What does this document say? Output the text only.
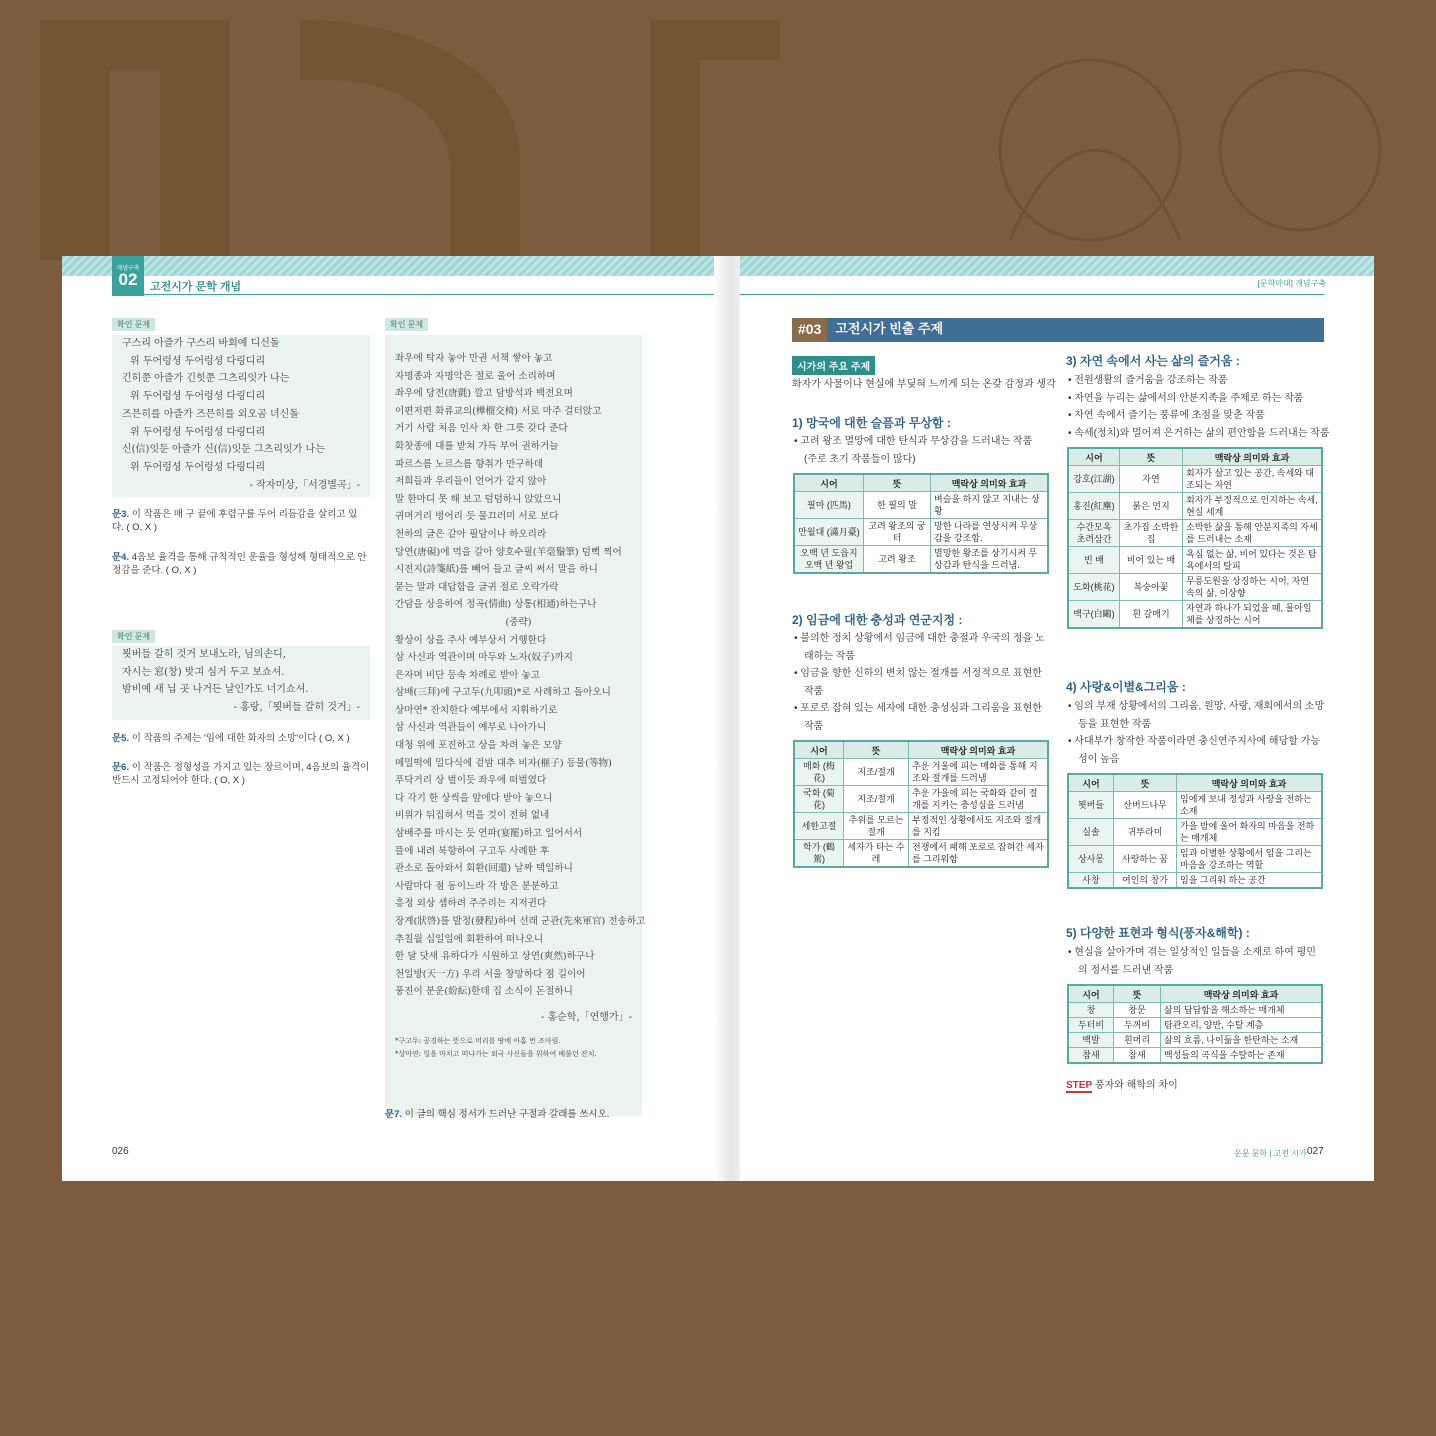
개념구축
02	고전시가 문학 개념
확인 문제
구스리 아즐가 구스리 바회예 디신돌
위 두어렁셩 두어렁셩 다링디리
긴히쭌 아즐가 긴힛쭌 그츠리잇가 나는
위 두어렁셩 두어렁셩 다링디리
즈믄히를 아즐가 즈믄히를 외오곰 녀신돌
위 두어렁셩 두어렁셩 다링디리
신(信)잇둔 아즐가 신(信)잇둔 그츠리잇가 나는
위 두어렁셩 두어렁셩 다링디리
- 작자미상,「서경별곡」-
문3. 이 작품은 매 구 끝에 후렴구를 두어 리듬감을 살리고 있다. ( O, X )
문4. 4음보 율격을 통해 규칙적인 운율을 형성해 형태적으로 안정감을 준다. ( O, X )
확인 문제
묏버들 갈히 것거 보내노라, 님의손디,
자시는 窓(창) 밧긔 심거 두고 보쇼셔.
밤비예 새 닙 곳 나거든 날인가도 너기쇼셔.
- 홍랑,「묏버들 갈히 것거」-
문5. 이 작품의 주제는 '임에 대한 화자의 소망'이다 ( O, X )
문6. 이 작품은 정형성을 가지고 있는 장르이며, 4음보의 율격이 반드시 고정되어야 한다. ( O, X )
확인 문제
좌우에 탁자 놓아 만권 서책 쌓아 놓고
자명종과 자명악은 절로 울어 소리하며
좌우에 당전(唐氈) 깔고 담방석과 백전요며
이편저편 화류교의(樺榴交椅) 서로 마주 걸터앉고
거기 사람 처음 인사 차 한 그릇 갖다 준다
화찻종에 대를 받쳐 가득 부어 권하거늘
파르스름 노르스름 향취가 만구하데
저희들과 우리들이 언어가 같지 않아
말 한마디 못 해 보고 덤덤하니 앉았으니
귀머거리 벙어리 듯 물끄러미 서로 보다
천하의 글은 같아 필담이나 하오리라
당연(唐硯)에 먹을 갈아 양호수필(羊毫鬚筆) 덤뻑 찍어
시전지(詩箋紙)를 빼어 들고 글씨 써서 말을 하니
묻는 말과 대답함을 글귀 절로 오락가락
간담을 상응하여 정곡(情曲) 상통(相通)하는구나
(중략)
황상이 상을 주사 예부상서 거행한다
삼 사신과 역관이며 마두와 노자(奴子)까지
은자며 비단 등속 차례로 받아 놓고
삼배(三拜)에 구고두(九叩頭)*로 사례하고 돌아오니
상마연* 잔치한다 예부에서 지휘하기로
삼 사신과 역관들이 예부로 나아가니
대청 위에 포진하고 상을 차려 놓은 모양
메밀떡에 밀다식에 겉밤 대추 비자(榧子) 등물(等物)
푸닥거리 상 벌이듯 좌우에 떠벌였다
다 각기 한 상씩을 앞에다 받아 놓으니
비위가 뒤집혀서 먹을 것이 전혀 없네
삼배주를 마시는 듯 연파(宴罷)하고 일어서서
뜰에 내려 북향하여 구고두 사례한 후
관소로 돌아와서 회환(回還) 날짜 택일하니
사람마다 점 동이느라 각 방은 분분하고
흥정 외상 셈하려 주주리는 지저귄다
장계(狀啓)를 발정(發程)하여 선래 군관(先來軍官) 전송하고
추칠월 십일일에 회환하여 떠나오니
한 달 닷새 유하다가 시원하고 상연(爽然)하구나
천일방(天一方) 우리 서울 창망하다 점 길이어
풍진이 분운(紛紜)한데 집 소식이 돈절하니
- 홍순학,「연행가」-
*구고두: 공경하는 뜻으로 머리를 땅에 아홉 번 조아림.
*상마연: 일을 마치고 떠나가는 외국 사신들을 위하여 베풀던 잔치.
문7. 이 글의 핵심 정서가 드러난 구절과 갈래를 쓰시오.
026
[문학마대] 개념구축
#03 고전시가 빈출 주제
시가의 주요 주제
화자가 사물이나 현실에 부딪혀 느끼게 되는 온갖 감정과 생각
1) 망국에 대한 슬픔과 무상함 :
• 고려 왕조 멸망에 대한 탄식과 무상감을 드러내는 작품
(주로 초기 작품들이 많다)
시어	뜻	맥락상 의미와 효과
필마 (匹馬)	한 필의 말	벼슬을 하지 않고 지내는 상황
만월대 (滿月臺)	고려 왕조의 궁터	망한 나라를 연상시켜 무상감을 강조함.
오백 년 도읍지
오백 년 왕업	고려 왕조	멸망한 왕조를 상기시켜 무상감과 탄식을 드러냄.
2) 임금에 대한 충성과 연군지정 :
• 불의한 정치 상황에서 임금에 대한 충절과 우국의 정을 노
래하는 작품
• 임금을 향한 신하의 변치 않는 절개를 서정적으로 표현한
작품
• 포로로 잡혀 있는 세자에 대한 충성심과 그리움을 표현한
작품
시어	뜻	맥락상 의미와 효과
매화 (梅花)	지조/절개	추운 겨울에 피는 매화를 통해 지조와 절개를 드러냄
국화 (菊花)	지조/절개	추운 가을에 피는 국화와 같이 절개를 지키는 충성심을 드러냄
세한고절	추위를 모르는 절개	부정적인 상황에서도 지조와 절개를 지킴
학가 (鶴駕)	세자가 타는 수레	전쟁에서 패해 포로로 잡혀간 세자를 그리워함
3) 자연 속에서 사는 삶의 즐거움 :
• 전원생활의 즐거움을 강조하는 작품
• 자연을 누리는 삶에서의 안분지족을 주제로 하는 작품
• 자연 속에서 즐기는 풍류에 초점을 맞춘 작품
• 속세(정치)와 멀어져 은거하는 삶의 편안함을 드러내는 작품
시어	뜻	맥락상 의미와 효과
강호(江湖)	자연	회자가 살고 있는 공간, 속세와 대조되는 자연
홍진(紅塵)	붉은 먼지	회자가 부정적으로 인지하는 속세, 현실 세계
수간모옥 초려삼간	초가집 소박한집	소박한 삶을 통해 안분지족의 자세를 드러내는 소재
빈 배	비어 있는 배	욕심 없는 삶, 비어 있다는 것은 탐욕에서의 탈피
도화(桃花)	복숭아꽃	무릉도원을 상징하는 시어, 자연 속의 삶, 이상향
백구(白鷗)	흰 갈매기	자연과 하나가 되었을 때, 물아일체를 상징하는 시어
4) 사랑&이별&그리움 :
• 임의 부재 상황에서의 그리움, 원망, 사랑, 재회에서의 소망
등을 표현한 작품
• 사대부가 창작한 작품이라면 충신연주지사에 해당할 가능
성이 높음
시어	뜻	맥락상 의미와 효과
묏버들	산버드나무	임에게 보내 정성과 사랑을 전하는 소재
실솔	귀뚜라미	가을 밤에 울어 화자의 마음을 전하는 매개체
상사몽	사랑하는 꿈	임과 이별한 상황에서 임을 그리는 마음을 강조하는 역할
사창	여인의 창가	임을 그리워 하는 공간
5) 다양한 표현과 형식(풍자&해학) :
• 현실을 살아가며 겪는 일상적인 일들을 소재로 하여 평민
의 정서를 드러낸 작품
시어	뜻	맥락상 의미와 효과
창	창문	삶의 답답함을 해소하는 매개체
두터비	두꺼비	탐관오리, 양반, 수탈 계층
백발	흰머리	삶의 흐름, 나이듦을 한탄하는 소재
참새	참새	백성들의 곡식을 수탈하는 존재
STEP 풍자와 해학의 차이
운문 문학 | 고전 시가 027
